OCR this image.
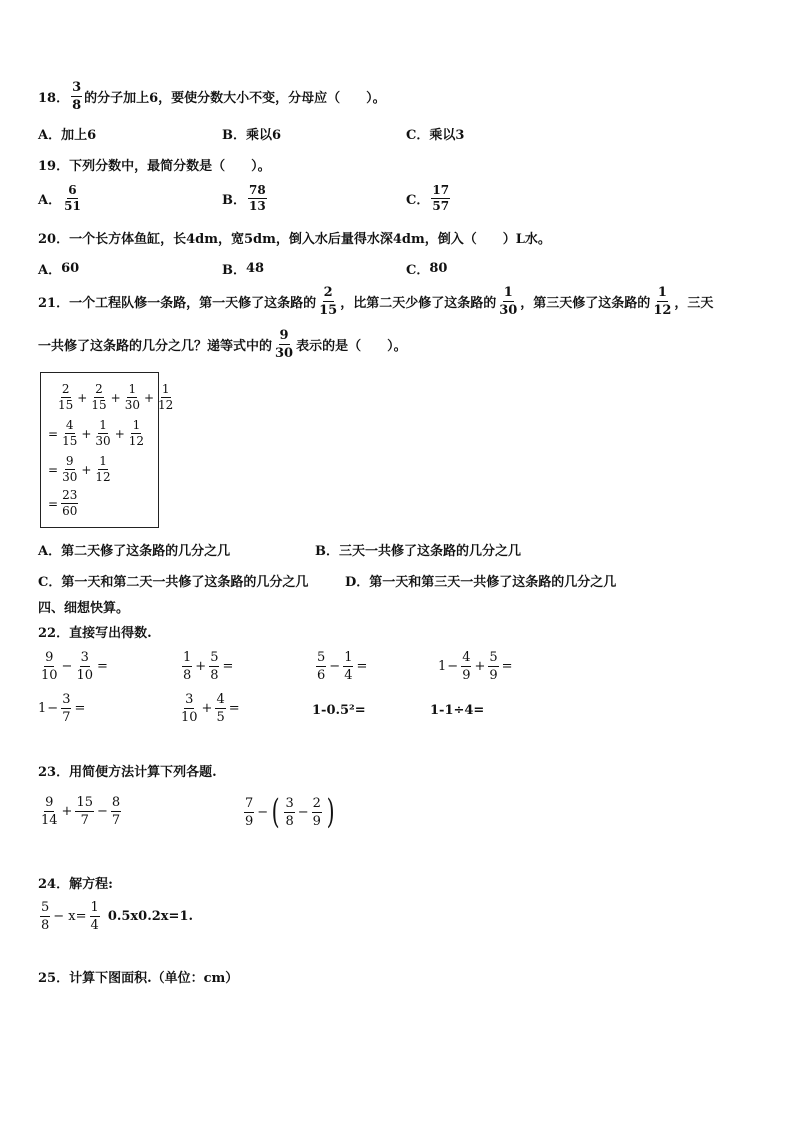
18． $\frac{3}{8}$ 的分子加上6，要使分数大小不变，分母应（　　）。
A． 加上6	B． 乘以6	C． 乘以3
19．下列分数中，最简分数是（　　）。
A． $\frac{6}{51}$	B． $\frac{78}{13}$	C． $\frac{17}{57}$
20．一个长方体鱼缸，长4dm，宽5dm，倒入水后量得水深4dm，倒入（　　）L水。
A． 60	B． 48	C． 80
21．一个工程队修一条路，第一天修了这条路的 $\frac{2}{15}$ ，比第二天少修了这条路的 $\frac{1}{30}$ ，第三天修了这条路的 $\frac{1}{12}$ ，三天
一共修了这条路的几分之几？递等式中的 $\frac{9}{30}$ 表示的是（　　）。
$\frac{2}{15} + \frac{2}{15} + \frac{1}{30} + \frac{1}{12}$
= $\frac{4}{15} + \frac{1}{30} + \frac{1}{12}$
= $\frac{9}{30} + \frac{1}{12}$
= $\frac{23}{60}$
A． 第二天修了这条路的几分之几	B． 三天一共修了这条路的几分之几
C． 第一天和第二天一共修了这条路的几分之几	D． 第一天和第三天一共修了这条路的几分之几
四、细想快算。
22．直接写出得数.
$\frac{9}{10} - \frac{3}{10}$ =	$\frac{1}{8} + \frac{5}{8}$ =	$\frac{5}{6} - \frac{1}{4}$ =	$1 - \frac{4}{9} + \frac{5}{9}$ =
$1 - \frac{3}{7}$ =	$\frac{3}{10} + \frac{4}{5}$ =	1-0.5²=	1-1÷4=
23．用简便方法计算下列各题.
$\frac{9}{14} + \frac{15}{7} - \frac{8}{7}$	$\frac{7}{9}$ − ( $\frac{3}{8} - \frac{2}{9}$ )
24．解方程:
$\frac{5}{8} - x= \frac{1}{4} 0.5x0.2x=1$.
25．计算下图面积.（单位：cm）
